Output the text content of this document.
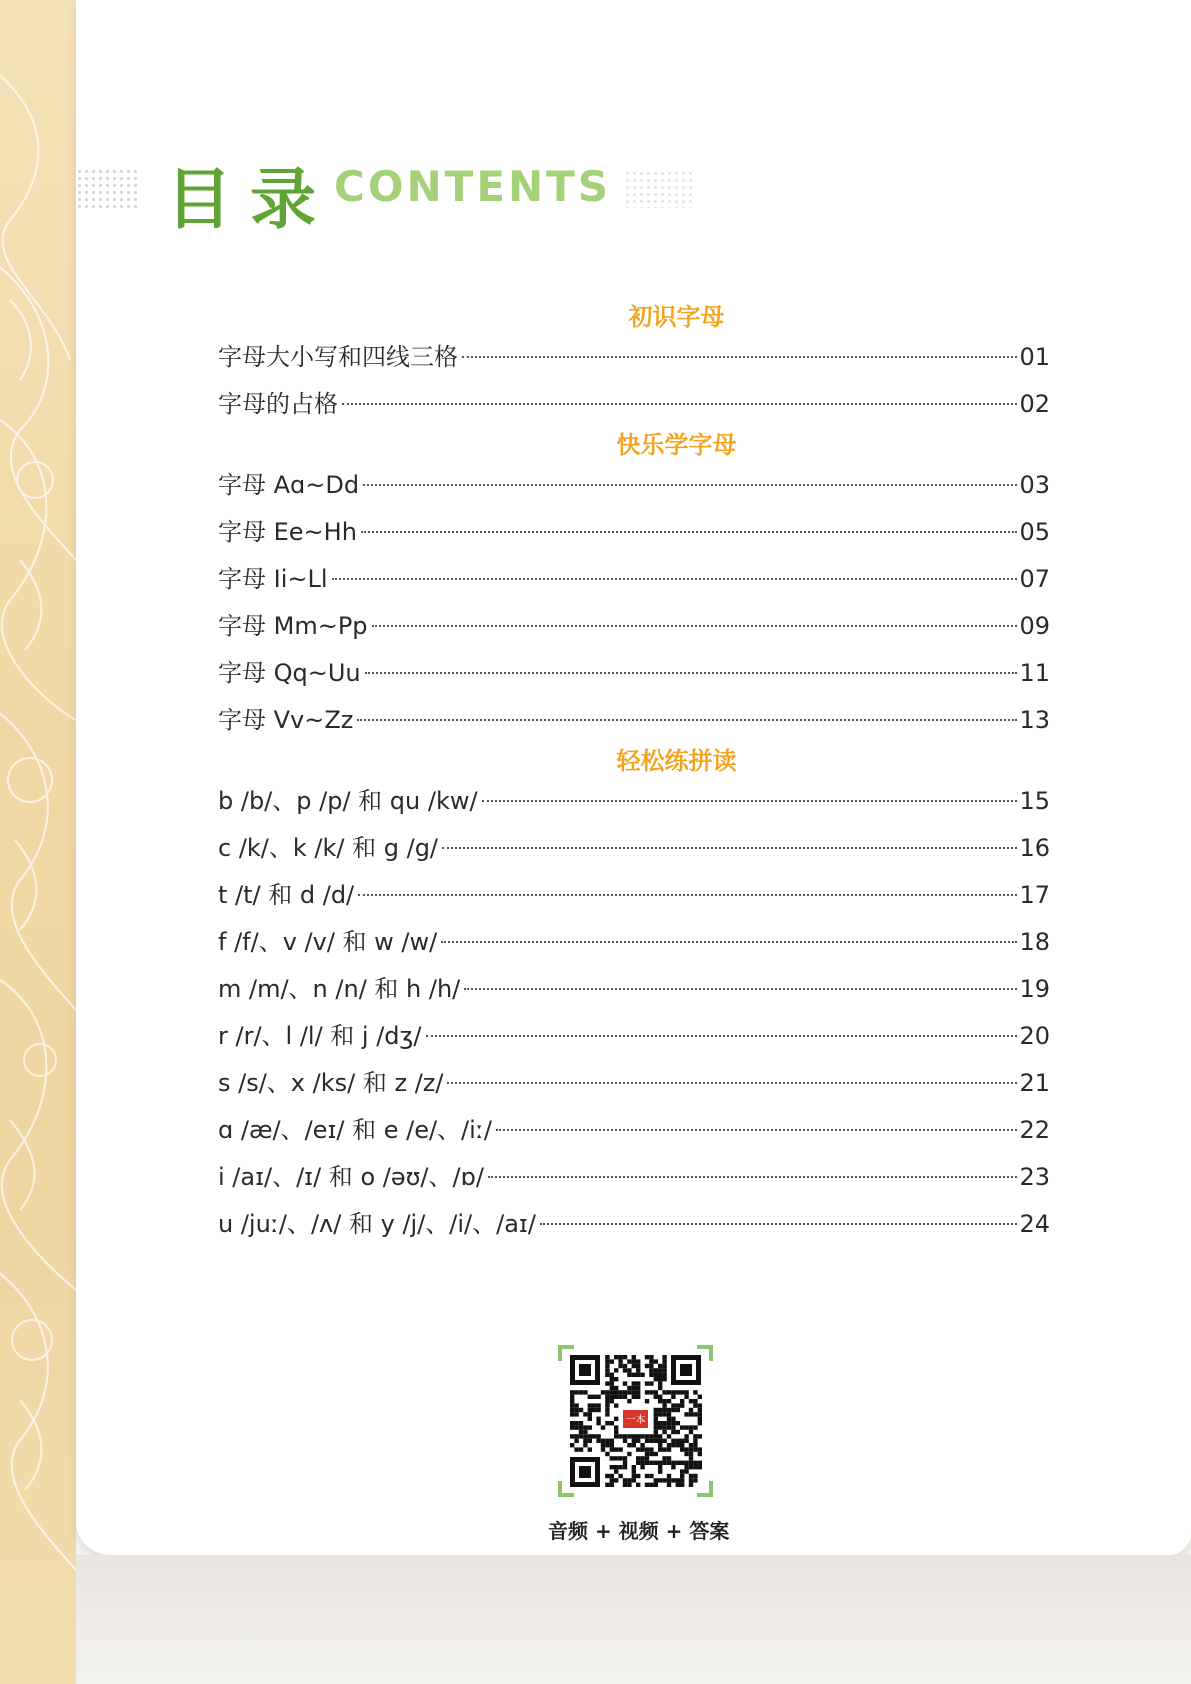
目录 CONTENTS
初识字母
字母大小写和四线三格	01
字母的占格	02
快乐学字母
字母 Aɑ~Dd	03
字母 Ee~Hh	05
字母 Ii~Ll	07
字母 Mm~Pp	09
字母 Qq~Uu	11
字母 Vv~Zz	13
轻松练拼读
b /b/、p /p/ 和 qu /kw/	15
c /k/、k /k/ 和 g /g/	16
t /t/ 和 d /d/	17
f /f/、v /v/ 和 w /w/	18
m /m/、n /n/ 和 h /h/	19
r /r/、l /l/ 和 j /dʒ/	20
s /s/、x /ks/ 和 z /z/	21
ɑ /æ/、/eɪ/ 和 e /e/、/iː/	22
i /aɪ/、/ɪ/ 和 o /əʊ/、/ɒ/	23
u /juː/、/ʌ/ 和 y /j/、/i/、/aɪ/	24
一本
音频 + 视频 + 答案
